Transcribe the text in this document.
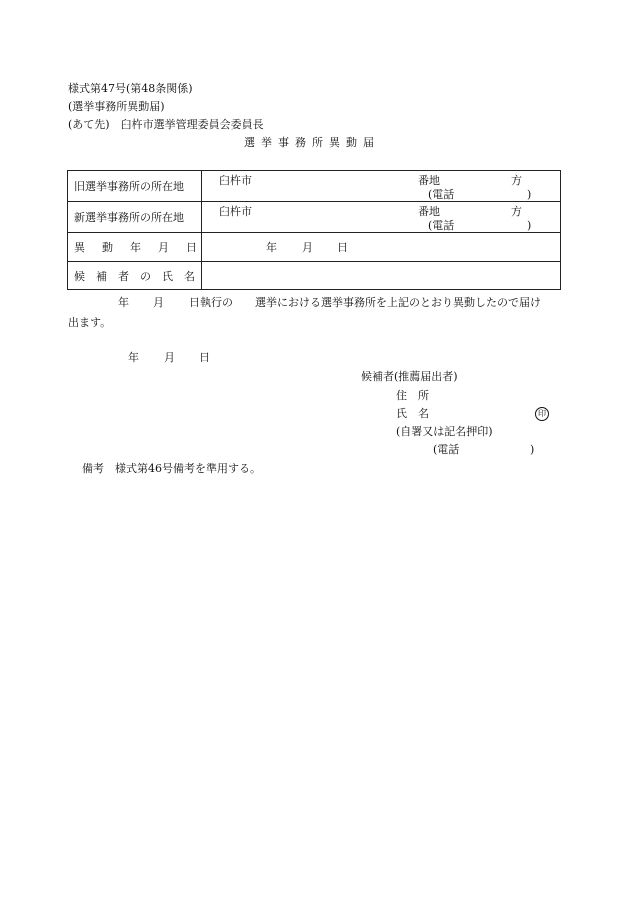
様式第47号(第48条関係)
(選挙事務所異動届)
(あて先)　臼杵市選挙管理委員会委員長
選挙事務所異動届
旧選挙事務所の所在地	臼杵市 番地 方
(電話 )

新選挙事務所の所在地	臼杵市 番地 方
(電話 )

異動年月日	年 月 日

候補者の氏名	

年 月 日執行の　　選挙における選挙事務所を上記のとおり異動したので届け
出ます。
年 月 日
候補者(推薦届出者)
住　所
氏　名	印
(自署又は記名押印)
(電話	)
備考　様式第46号備考を準用する。
